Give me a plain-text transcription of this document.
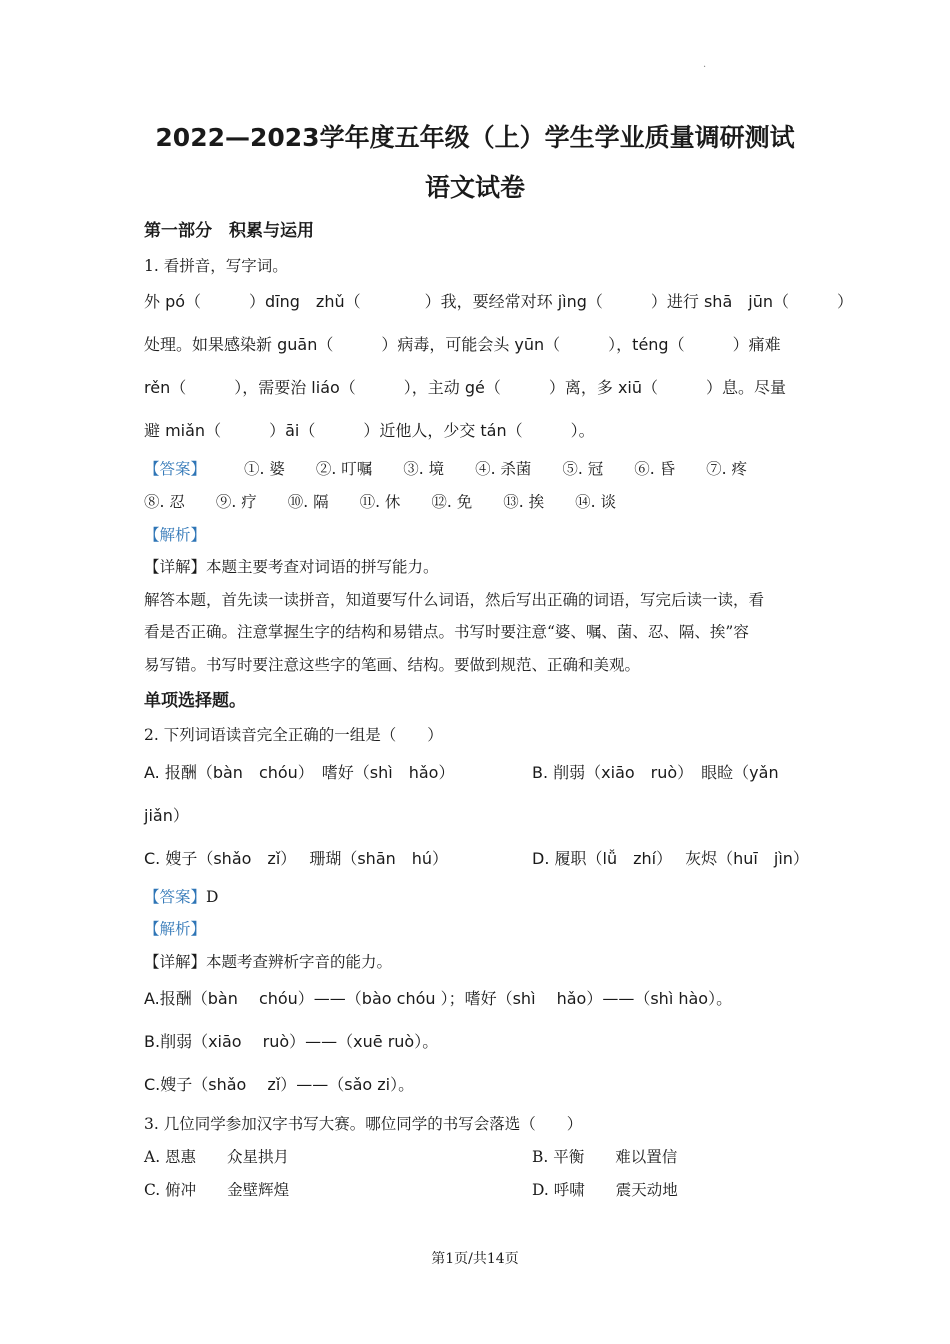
·
2022—2023学年度五年级（上）学生学业质量调研测试
语文试卷
第一部分　积累与运用
1. 看拼音，写字词。
外 pó（　　　）dīng　zhǔ（　　　　）我，要经常对环 jìng（　　　）进行 shā　jūn（　　　）
处理。如果感染新 guān（　　　）病毒，可能会头 yūn（　　　），téng（　　　）痛难
rěn（　　　），需要治 liáo（　　　），主动 gé（　　　）离，多 xiū（　　　）息。尽量
避 miǎn（　　　）āi（　　　）近他人，少交 tán（　　　）。
【答案】 ①. 婆　　②. 叮嘱　　③. 境　　④. 杀菌　　⑤. 冠　　⑥. 昏　　⑦. 疼
⑧. 忍　　⑨. 疗　　⑩. 隔　　⑪. 休　　⑫. 免　　⑬. 挨　　⑭. 谈
【解析】
【详解】本题主要考查对词语的拼写能力。
解答本题，首先读一读拼音，知道要写什么词语，然后写出正确的词语，写完后读一读，看
看是否正确。注意掌握生字的结构和易错点。书写时要注意“婆、嘱、菌、忍、隔、挨”容
易写错。书写时要注意这些字的笔画、结构。要做到规范、正确和美观。
单项选择题。
2. 下列词语读音完全正确的一组是（　　）
A. 报酬（bàn　chóu）　嗜好（shì　hǎo）	B. 削弱（xiāo　ruò）　眼睑（yǎn
jiǎn）
C. 嫂子（shǎo　zǐ）　 珊瑚（shān　hú）	D. 履职（lǚ　zhí）　 灰烬（huī　jìn）
【答案】D
【解析】
【详解】本题考查辨析字音的能力。
A.报酬（bàn　 chóu）——（bào chóu ）；嗜好（shì　 hǎo）——（shì hào）。
B.削弱（xiāo　 ruò）——（xuē ruò）。
C.嫂子（shǎo　 zǐ）——（sǎo zi）。
3. 几位同学参加汉字书写大赛。哪位同学的书写会落选（　　）
A. 恩惠　　众星拱月	B. 平衡　　难以置信
C. 俯冲　　金壁辉煌	D. 呼啸　　震天动地
第1页/共14页
